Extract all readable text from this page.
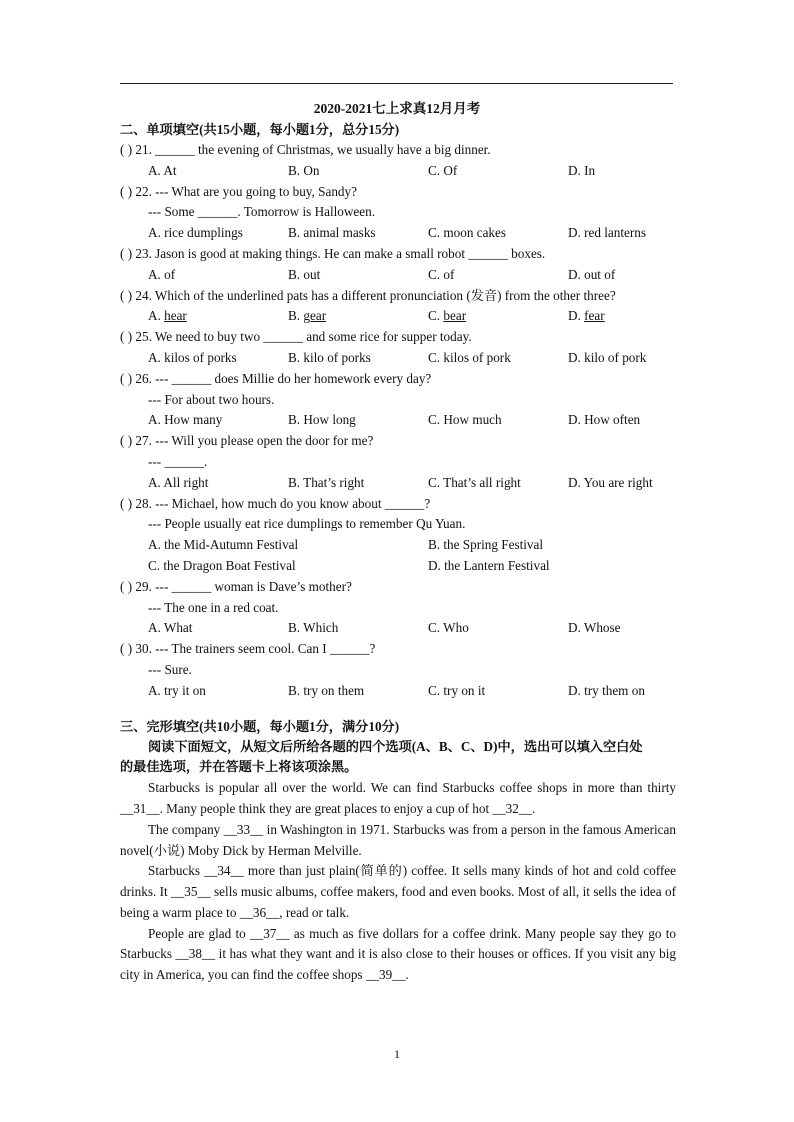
2020-2021七上求真12月月考
二、单项填空(共15小题，每小题1分，总分15分)
( ) 21. ______ the evening of Christmas, we usually have a big dinner.
A. At	B. On	C. Of	D. In
( ) 22. --- What are you going to buy, Sandy?
--- Some ______. Tomorrow is Halloween.
A. rice dumplings	B. animal masks	C. moon cakes	D. red lanterns
( ) 23. Jason is good at making things. He can make a small robot ______ boxes.
A. of	B. out	C. of	D. out of
( ) 24. Which of the underlined pats has a different pronunciation (发音) from the other three?
A. hear	B. gear	C. bear	D. fear
( ) 25. We need to buy two ______ and some rice for supper today.
A. kilos of porks	B. kilo of porks	C. kilos of pork	D. kilo of pork
( ) 26. --- ______ does Millie do her homework every day?
--- For about two hours.
A. How many	B. How long	C. How much	D. How often
( ) 27. --- Will you please open the door for me?
--- ______.
A. All right	B. That’s right	C. That’s all right	D. You are right
( ) 28. --- Michael, how much do you know about ______?
--- People usually eat rice dumplings to remember Qu Yuan.
A. the Mid-Autumn Festival	B. the Spring Festival
C. the Dragon Boat Festival	D. the Lantern Festival
( ) 29. --- ______ woman is Dave’s mother?
--- The one in a red coat.
A. What	B. Which	C. Who	D. Whose
( ) 30. --- The trainers seem cool. Can I ______?
--- Sure.
A. try it on	B. try on them	C. try on it	D. try them on
三、完形填空(共10小题，每小题1分，满分10分)
阅读下面短文，从短文后所给各题的四个选项(A、B、C、D)中，选出可以填入空白处
的最佳选项，并在答题卡上将该项涂黑。
Starbucks is popular all over the world. We can find Starbucks coffee shops in more than thirty __31__. Many people think they are great places to enjoy a cup of hot __32__.
The company __33__ in Washington in 1971. Starbucks was from a person in the famous American novel(小说) Moby Dick by Herman Melville.
Starbucks __34__ more than just plain(简单的) coffee. It sells many kinds of hot and cold coffee drinks. It __35__ sells music albums, coffee makers, food and even books. Most of all, it sells the idea of being a warm place to __36__, read or talk.
People are glad to __37__ as much as five dollars for a coffee drink. Many people say they go to Starbucks __38__ it has what they want and it is also close to their houses or offices. If you visit any big city in America, you can find the coffee shops __39__.
1
